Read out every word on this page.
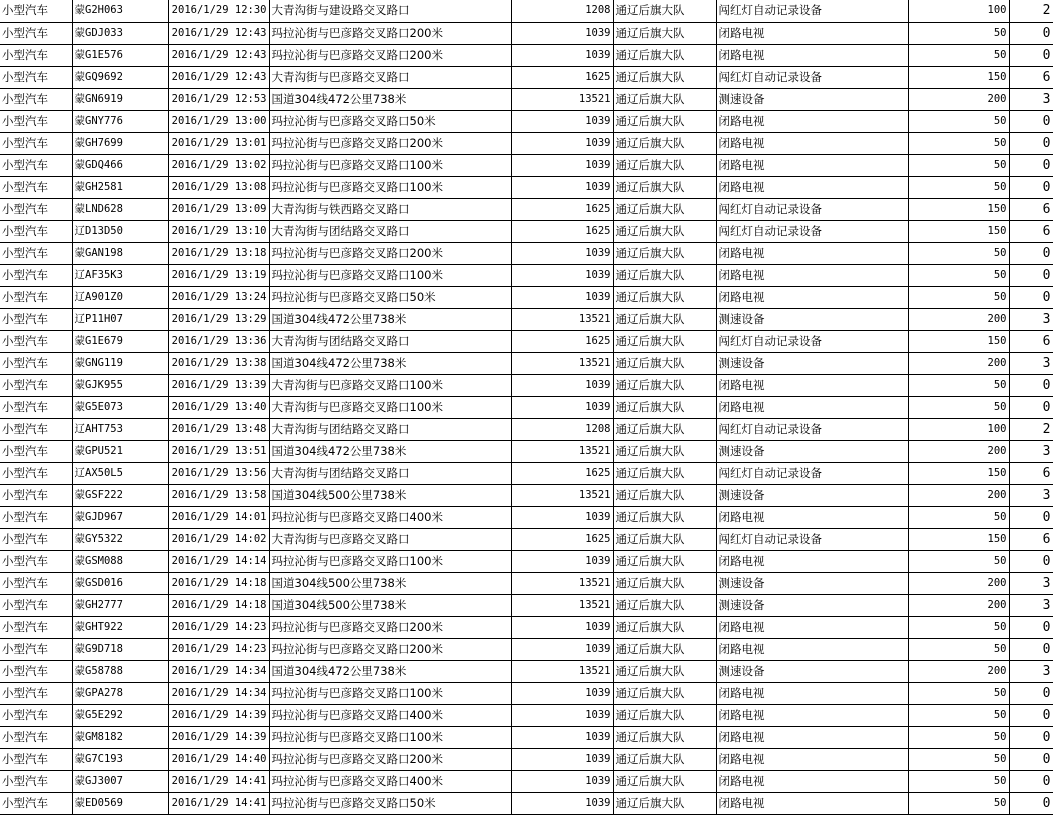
小型汽车	蒙G2H063	2016/1/29 12:30	大青沟街与建设路交叉路口	1208	通辽后旗大队	闯红灯自动记录设备	100	2
小型汽车	蒙GDJ033	2016/1/29 12:43	玛拉沁街与巴彦路交叉路口200米	1039	通辽后旗大队	闭路电视	50	0
小型汽车	蒙G1E576	2016/1/29 12:43	玛拉沁街与巴彦路交叉路口200米	1039	通辽后旗大队	闭路电视	50	0
小型汽车	蒙GQ9692	2016/1/29 12:43	大青沟街与巴彦路交叉路口	1625	通辽后旗大队	闯红灯自动记录设备	150	6
小型汽车	蒙GN6919	2016/1/29 12:53	国道304线472公里738米	13521	通辽后旗大队	测速设备	200	3
小型汽车	蒙GNY776	2016/1/29 13:00	玛拉沁街与巴彦路交叉路口50米	1039	通辽后旗大队	闭路电视	50	0
小型汽车	蒙GH7699	2016/1/29 13:01	玛拉沁街与巴彦路交叉路口200米	1039	通辽后旗大队	闭路电视	50	0
小型汽车	蒙GDQ466	2016/1/29 13:02	玛拉沁街与巴彦路交叉路口100米	1039	通辽后旗大队	闭路电视	50	0
小型汽车	蒙GH2581	2016/1/29 13:08	玛拉沁街与巴彦路交叉路口100米	1039	通辽后旗大队	闭路电视	50	0
小型汽车	蒙LND628	2016/1/29 13:09	大青沟街与铁西路交叉路口	1625	通辽后旗大队	闯红灯自动记录设备	150	6
小型汽车	辽D13D50	2016/1/29 13:10	大青沟街与团结路交叉路口	1625	通辽后旗大队	闯红灯自动记录设备	150	6
小型汽车	蒙GAN198	2016/1/29 13:18	玛拉沁街与巴彦路交叉路口200米	1039	通辽后旗大队	闭路电视	50	0
小型汽车	辽AF35K3	2016/1/29 13:19	玛拉沁街与巴彦路交叉路口100米	1039	通辽后旗大队	闭路电视	50	0
小型汽车	辽A901Z0	2016/1/29 13:24	玛拉沁街与巴彦路交叉路口50米	1039	通辽后旗大队	闭路电视	50	0
小型汽车	辽P11H07	2016/1/29 13:29	国道304线472公里738米	13521	通辽后旗大队	测速设备	200	3
小型汽车	蒙G1E679	2016/1/29 13:36	大青沟街与团结路交叉路口	1625	通辽后旗大队	闯红灯自动记录设备	150	6
小型汽车	蒙GNG119	2016/1/29 13:38	国道304线472公里738米	13521	通辽后旗大队	测速设备	200	3
小型汽车	蒙GJK955	2016/1/29 13:39	大青沟街与巴彦路交叉路口100米	1039	通辽后旗大队	闭路电视	50	0
小型汽车	蒙G5E073	2016/1/29 13:40	大青沟街与巴彦路交叉路口100米	1039	通辽后旗大队	闭路电视	50	0
小型汽车	辽AHT753	2016/1/29 13:48	大青沟街与团结路交叉路口	1208	通辽后旗大队	闯红灯自动记录设备	100	2
小型汽车	蒙GPU521	2016/1/29 13:51	国道304线472公里738米	13521	通辽后旗大队	测速设备	200	3
小型汽车	辽AX50L5	2016/1/29 13:56	大青沟街与团结路交叉路口	1625	通辽后旗大队	闯红灯自动记录设备	150	6
小型汽车	蒙GSF222	2016/1/29 13:58	国道304线500公里738米	13521	通辽后旗大队	测速设备	200	3
小型汽车	蒙GJD967	2016/1/29 14:01	玛拉沁街与巴彦路交叉路口400米	1039	通辽后旗大队	闭路电视	50	0
小型汽车	蒙GY5322	2016/1/29 14:02	大青沟街与巴彦路交叉路口	1625	通辽后旗大队	闯红灯自动记录设备	150	6
小型汽车	蒙GSM088	2016/1/29 14:14	玛拉沁街与巴彦路交叉路口100米	1039	通辽后旗大队	闭路电视	50	0
小型汽车	蒙GSD016	2016/1/29 14:18	国道304线500公里738米	13521	通辽后旗大队	测速设备	200	3
小型汽车	蒙GH2777	2016/1/29 14:18	国道304线500公里738米	13521	通辽后旗大队	测速设备	200	3
小型汽车	蒙GHT922	2016/1/29 14:23	玛拉沁街与巴彦路交叉路口200米	1039	通辽后旗大队	闭路电视	50	0
小型汽车	蒙G9D718	2016/1/29 14:23	玛拉沁街与巴彦路交叉路口200米	1039	通辽后旗大队	闭路电视	50	0
小型汽车	蒙G58788	2016/1/29 14:34	国道304线472公里738米	13521	通辽后旗大队	测速设备	200	3
小型汽车	蒙GPA278	2016/1/29 14:34	玛拉沁街与巴彦路交叉路口100米	1039	通辽后旗大队	闭路电视	50	0
小型汽车	蒙G5E292	2016/1/29 14:39	玛拉沁街与巴彦路交叉路口400米	1039	通辽后旗大队	闭路电视	50	0
小型汽车	蒙GM8182	2016/1/29 14:39	玛拉沁街与巴彦路交叉路口100米	1039	通辽后旗大队	闭路电视	50	0
小型汽车	蒙G7C193	2016/1/29 14:40	玛拉沁街与巴彦路交叉路口200米	1039	通辽后旗大队	闭路电视	50	0
小型汽车	蒙GJ3007	2016/1/29 14:41	玛拉沁街与巴彦路交叉路口400米	1039	通辽后旗大队	闭路电视	50	0
小型汽车	蒙ED0569	2016/1/29 14:41	玛拉沁街与巴彦路交叉路口50米	1039	通辽后旗大队	闭路电视	50	0
